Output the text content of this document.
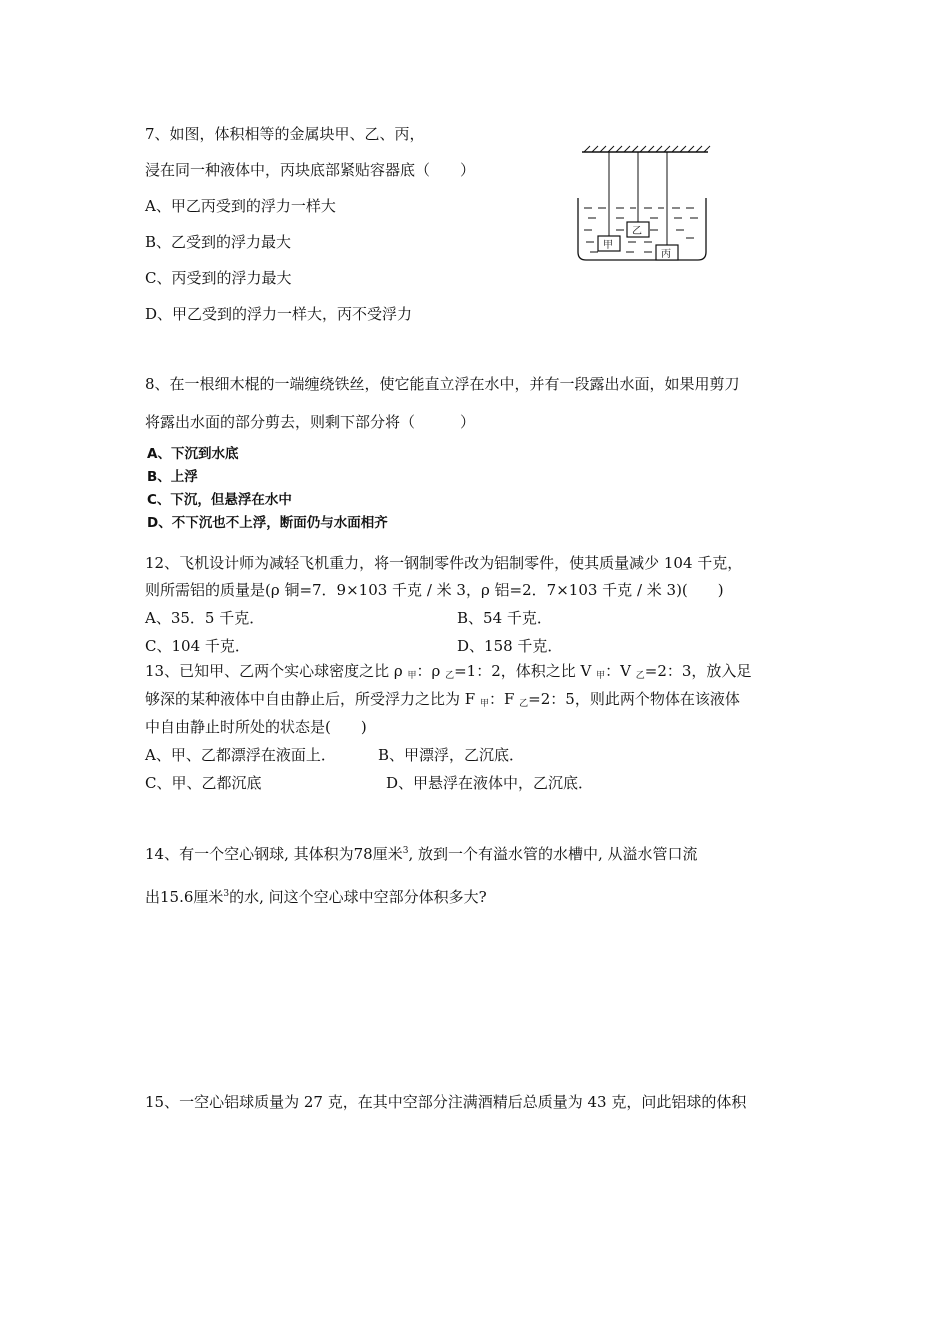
7、如图，体积相等的金属块甲、乙、丙，
浸在同一种液体中，丙块底部紧贴容器底（　　）
A、甲乙丙受到的浮力一样大
B、乙受到的浮力最大
C、丙受到的浮力最大
D、甲乙受到的浮力一样大，丙不受浮力
甲
乙
丙
8、在一根细木棍的一端缠绕铁丝，使它能直立浮在水中，并有一段露出水面，如果用剪刀
将露出水面的部分剪去，则剩下部分将（　　　）
A、下沉到水底
B、上浮
C、下沉，但悬浮在水中
D、不下沉也不上浮，断面仍与水面相齐
12、飞机设计师为减轻飞机重力，将一钢制零件改为铝制零件，使其质量减少 104 千克，
则所需铝的质量是(ρ 铜=7．9×103 千克 / 米 3，ρ 铝=2．7×103 千克 / 米 3)(　　)
A、35．5 千克．	B、54 千克．
C、104 千克．	D、158 千克．
13、已知甲、乙两个实心球密度之比 ρ $_甲$：ρ $_乙$=1：2，体积之比 V $_甲$：V $_乙$=2：3，放入足
够深的某种液体中自由静止后，所受浮力之比为 F $_甲$：F $_乙$=2：5，则此两个物体在该液体
中自由静止时所处的状态是(　　)
A、甲、乙都漂浮在液面上．	B、甲漂浮，乙沉底．
C、甲、乙都沉底	D、甲悬浮在液体中，乙沉底．
14、有一个空心钢球, 其体积为78厘米$^3$, 放到一个有溢水管的水槽中, 从溢水管口流
出15.6厘米$^3$的水, 问这个空心球中空部分体积多大?
15、一空心铝球质量为 27 克，在其中空部分注满酒精后总质量为 43 克，问此铝球的体积
